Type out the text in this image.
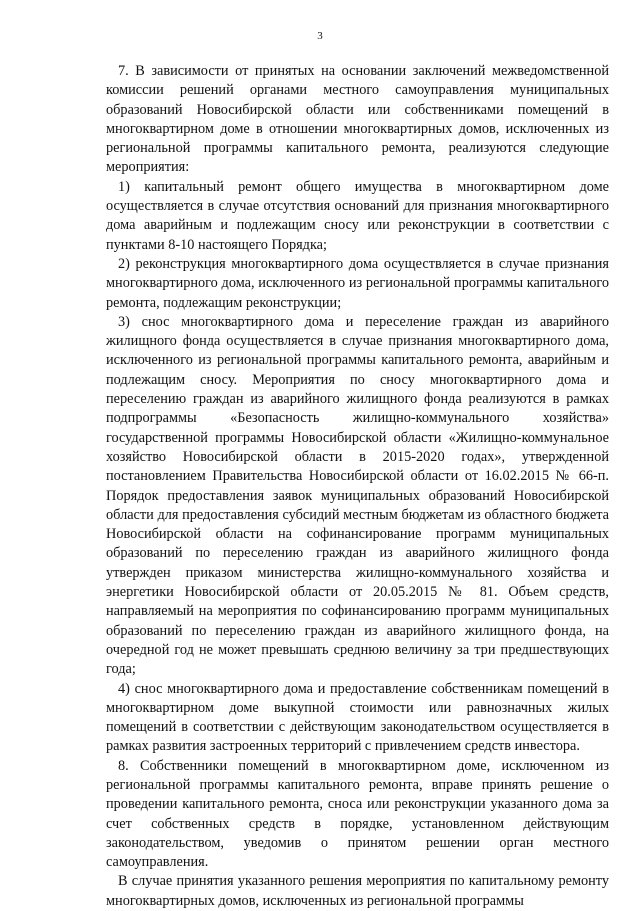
3

7. В зависимости от принятых на основании заключений межведомственной комиссии решений органами местного самоуправления муниципальных образований Новосибирской области или собственниками помещений в многоквартирном доме в отношении многоквартирных домов, исключенных из региональной программы капитального ремонта, реализуются следующие мероприятия:

1) капитальный ремонт общего имущества в многоквартирном доме осуществляется в случае отсутствия оснований для признания многоквартирного дома аварийным и подлежащим сносу или реконструкции в соответствии с пунктами 8-10 настоящего Порядка;

2) реконструкция многоквартирного дома осуществляется в случае признания многоквартирного дома, исключенного из региональной программы капитального ремонта, подлежащим реконструкции;

3) снос многоквартирного дома и переселение граждан из аварийного жилищного фонда осуществляется в случае признания многоквартирного дома, исключенного из региональной программы капитального ремонта, аварийным и подлежащим сносу. Мероприятия по сносу многоквартирного дома и переселению граждан из аварийного жилищного фонда реализуются в рамках подпрограммы «Безопасность жилищно-коммунального хозяйства» государственной программы Новосибирской области «Жилищно-коммунальное хозяйство Новосибирской области в 2015-2020 годах», утвержденной постановлением Правительства Новосибирской области от 16.02.2015 № 66-п. Порядок предоставления заявок муниципальных образований Новосибирской области для предоставления субсидий местным бюджетам из областного бюджета Новосибирской области на софинансирование программ муниципальных образований по переселению граждан из аварийного жилищного фонда утвержден приказом министерства жилищно-коммунального хозяйства и энергетики Новосибирской области от 20.05.2015 № 81. Объем средств, направляемый на мероприятия по софинансированию программ муниципальных образований по переселению граждан из аварийного жилищного фонда, на очередной год не может превышать среднюю величину за три предшествующих года;

4) снос многоквартирного дома и предоставление собственникам помещений в многоквартирном доме выкупной стоимости или равнозначных жилых помещений в соответствии с действующим законодательством осуществляется в рамках развития застроенных территорий с привлечением средств инвестора.

8. Собственники помещений в многоквартирном доме, исключенном из региональной программы капитального ремонта, вправе принять решение о проведении капитального ремонта, сноса или реконструкции указанного дома за счет собственных средств в порядке, установленном действующим законодательством, уведомив о принятом решении орган местного самоуправления.

В случае принятия указанного решения мероприятия по капитальному ремонту многоквартирных домов, исключенных из региональной программы
